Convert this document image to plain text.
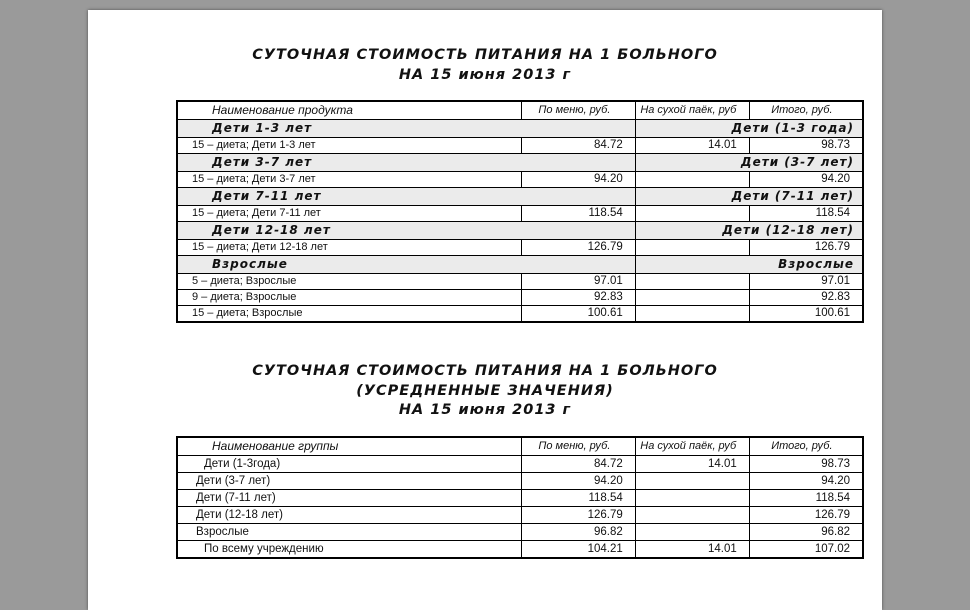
СУТОЧНАЯ СТОИМОСТЬ ПИТАНИЯ НА 1 БОЛЬНОГО
НА 15 июня 2013 г
Наименование продукта	По меню, руб.	На сухой паёк, руб	Итого, руб.
Дети 1-3 лет		Дети (1-3 года)	
15 – диета; Дети 1-3 лет	84.72	14.01	98.73
Дети 3-7 лет		Дети (3-7 лет)	
15 – диета; Дети 3-7 лет	94.20		94.20
Дети 7-11 лет		Дети (7-11 лет)	
15 – диета; Дети 7-11 лет	118.54		118.54
Дети 12-18 лет		Дети (12-18 лет)	
15 – диета; Дети 12-18 лет	126.79		126.79
Взрослые		Взрослые	
5 – диета; Взрослые	97.01		97.01
9 – диета; Взрослые	92.83		92.83
15 – диета; Взрослые	100.61		100.61
СУТОЧНАЯ СТОИМОСТЬ ПИТАНИЯ НА 1 БОЛЬНОГО
(УСРЕДНЕННЫЕ ЗНАЧЕНИЯ)
НА 15 июня 2013 г
Наименование группы	По меню, руб.	На сухой паёк, руб	Итого, руб.
Дети (1-3года)	84.72	14.01	98.73
Дети (3-7 лет)	94.20		94.20
Дети (7-11 лет)	118.54		118.54
Дети (12-18 лет)	126.79		126.79
Взрослые	96.82		96.82
По всему учреждению	104.21	14.01	107.02
